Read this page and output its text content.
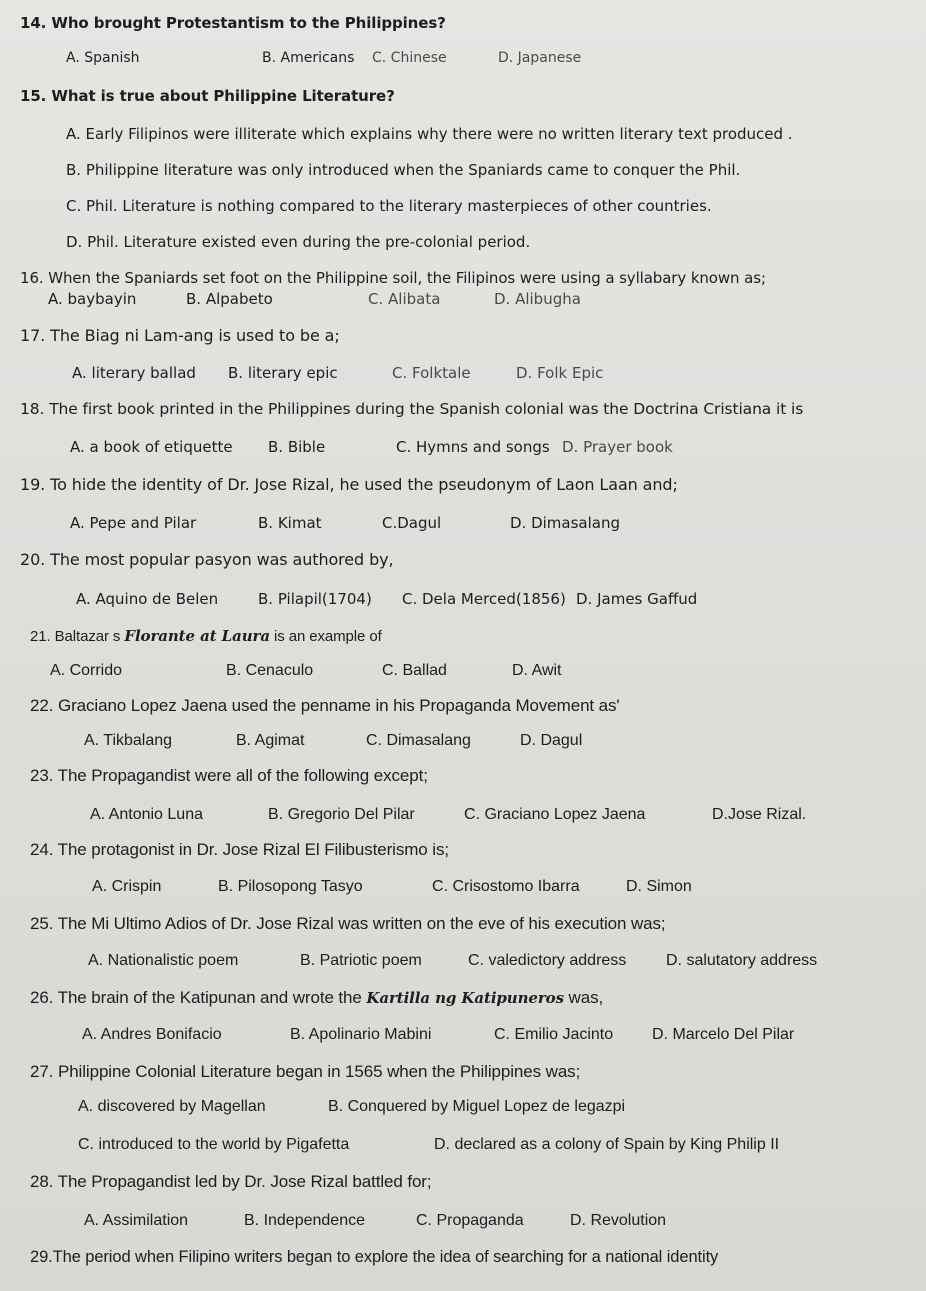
14. Who brought Protestantism to the Philippines?
A. Spanish	B. Americans C. Chinese	D. Japanese
15. What is true about Philippine Literature?
A. Early Filipinos were illiterate which explains why there were no written literary text produced .
B. Philippine literature was only introduced when the Spaniards came to conquer the Phil.
C. Phil. Literature is nothing compared to the literary masterpieces of other countries.
D. Phil. Literature existed even during the pre-colonial period.
16. When the Spaniards set foot on the Philippine soil, the Filipinos were using a syllabary known as;
A. baybayin	B. Alpabeto	C. Alibata	D. Alibugha
17. The Biag ni Lam-ang is used to be a;
A. literary ballad B. literary epic	C. Folktale	D. Folk Epic
18. The first book printed in the Philippines during the Spanish colonial was the Doctrina Cristiana it is
A. a book of etiquette B. Bible	C. Hymns and songs D. Prayer book
19. To hide the identity of Dr. Jose Rizal, he used the pseudonym of Laon Laan and;
A. Pepe and Pilar	B. Kimat	C.Dagul	D. Dimasalang
20. The most popular pasyon was authored by,
A. Aquino de Belen	B. Pilapil(1704) C. Dela Merced(1856) D. James Gaffud
21. Baltazar s Florante at Laura is an example of
A. Corrido	B. Cenaculo	C. Ballad	D. Awit
22. Graciano Lopez Jaena used the penname in his Propaganda Movement as'
A. Tikbalang	B. Agimat	C. Dimasalang	D. Dagul
23. The Propagandist were all of the following except;
A. Antonio Luna	B. Gregorio Del Pilar	C. Graciano Lopez Jaena	D.Jose Rizal.
24. The protagonist in Dr. Jose Rizal El Filibusterismo is;
A. Crispin	B. Pilosopong Tasyo	C. Crisostomo Ibarra	D. Simon
25. The Mi Ultimo Adios of Dr. Jose Rizal was written on the eve of his execution was;
A. Nationalistic poem	B. Patriotic poem	C. valedictory address D. salutatory address
26. The brain of the Katipunan and wrote the Kartilla ng Katipuneros was,
A. Andres Bonifacio	B. Apolinario Mabini	C. Emilio Jacinto D. Marcelo Del Pilar
27. Philippine Colonial Literature began in 1565 when the Philippines was;
A. discovered by Magellan	B. Conquered by Miguel Lopez de legazpi
C. introduced to the world by Pigafetta	D. declared as a colony of Spain by King Philip II
28. The Propagandist led by Dr. Jose Rizal battled for;
A. Assimilation	B. Independence	C. Propaganda	D. Revolution
29.The period when Filipino writers began to explore the idea of searching for a national identity
